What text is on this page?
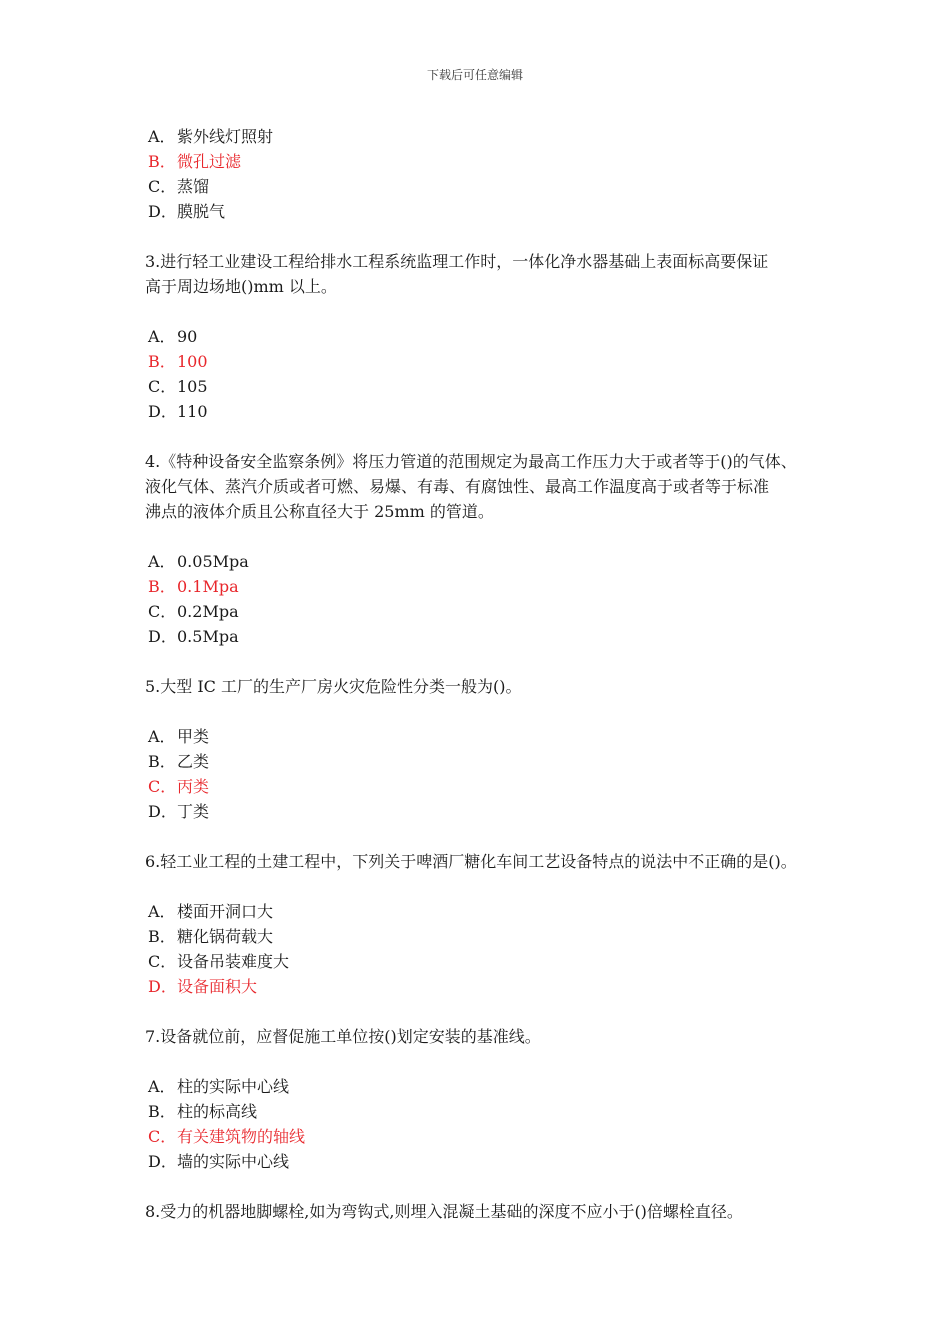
下载后可任意编辑
A．紫外线灯照射
B．微孔过滤
C．蒸馏
D．膜脱气
3.进行轻工业建设工程给排水工程系统监理工作时，一体化净水器基础上表面标高要保证
高于周边场地()mm 以上。
A．90
B．100
C．105
D．110
4.《特种设备安全监察条例》将压力管道的范围规定为最高工作压力大于或者等于()的气体、
液化气体、蒸汽介质或者可燃、易爆、有毒、有腐蚀性、最高工作温度高于或者等于标准
沸点的液体介质且公称直径大于 25mm 的管道。
A．0.05Mpa
B．0.1Mpa
C．0.2Mpa
D．0.5Mpa
5.大型 IC 工厂的生产厂房火灾危险性分类一般为()。
A．甲类
B．乙类
C．丙类
D．丁类
6.轻工业工程的土建工程中，下列关于啤酒厂糖化车间工艺设备特点的说法中不正确的是()。
A．楼面开洞口大
B．糖化锅荷载大
C．设备吊装难度大
D．设备面积大
7.设备就位前，应督促施工单位按()划定安装的基准线。
A．柱的实际中心线
B．柱的标高线
C．有关建筑物的轴线
D．墙的实际中心线
8.受力的机器地脚螺栓,如为弯钩式,则埋入混凝土基础的深度不应小于()倍螺栓直径。
